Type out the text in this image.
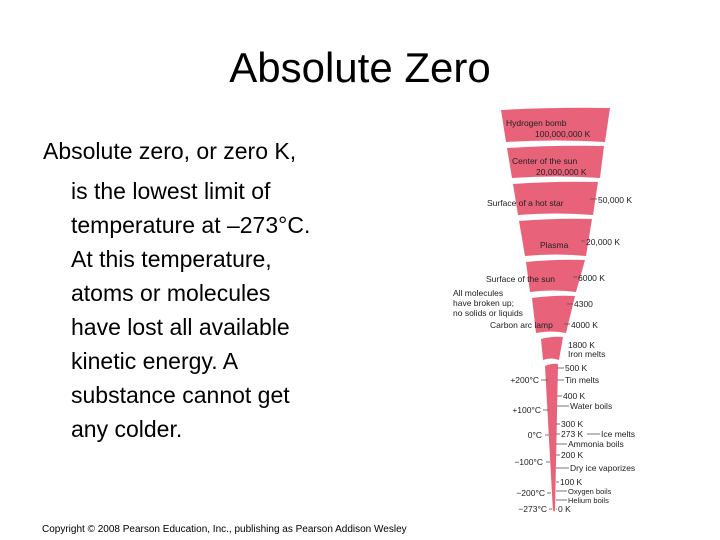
Absolute Zero
Absolute zero, or zero K,
is the lowest limit of
temperature at –273°C.
At this temperature,
atoms or molecules
have lost all available
kinetic energy. A
substance cannot get
any colder.
Hydrogen bomb
100,000,000 K
Center of the sun
20,000,000 K
Surface of a hot star
Plasma
Surface of the sun
Carbon arc lamp
All molecules
have broken up;
no solids or liquids
50,000 K
20,000 K
6000 K
4300
4000 K
1800 K
Iron melts
500 K
Tin melts
400 K
Water boils
300 K
273 K Ice melts
Ammonia boils
200 K
Dry ice vaporizes
100 K
Oxygen boils
Helium boils
0 K
+200°C
+100°C
0°C
−100°C
−200°C
−273°C
Copyright © 2008 Pearson Education, Inc., publishing as Pearson Addison Wesley
